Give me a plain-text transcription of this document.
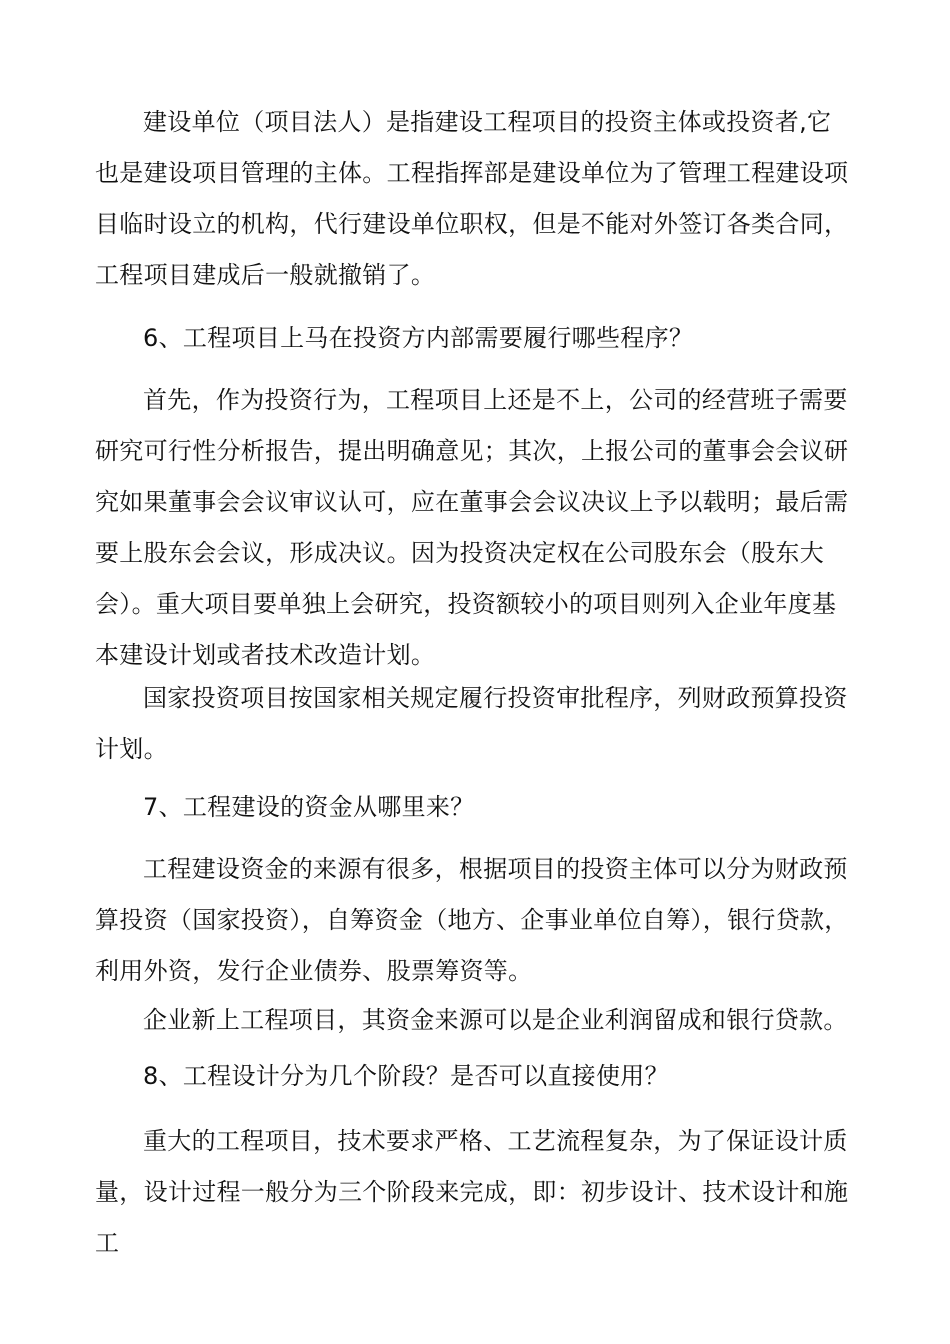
建设单位（项目法人）是指建设工程项目的投资主体或投资者,它也是建设项目管理的主体。工程指挥部是建设单位为了管理工程建设项目临时设立的机构，代行建设单位职权，但是不能对外签订各类合同，工程项目建成后一般就撤销了。

6、工程项目上马在投资方内部需要履行哪些程序？

首先，作为投资行为，工程项目上还是不上，公司的经营班子需要研究可行性分析报告，提出明确意见；其次，上报公司的董事会会议研究如果董事会会议审议认可，应在董事会会议决议上予以载明；最后需要上股东会会议，形成决议。因为投资决定权在公司股东会（股东大会）。重大项目要单独上会研究，投资额较小的项目则列入企业年度基本建设计划或者技术改造计划。

国家投资项目按国家相关规定履行投资审批程序，列财政预算投资计划。

7、工程建设的资金从哪里来？

工程建设资金的来源有很多，根据项目的投资主体可以分为财政预算投资（国家投资），自筹资金（地方、企事业单位自筹），银行贷款，利用外资，发行企业债券、股票筹资等。

企业新上工程项目，其资金来源可以是企业利润留成和银行贷款。

8、工程设计分为几个阶段？是否可以直接使用？

重大的工程项目，技术要求严格、工艺流程复杂，为了保证设计质量，设计过程一般分为三个阶段来完成，即：初步设计、技术设计和施工
